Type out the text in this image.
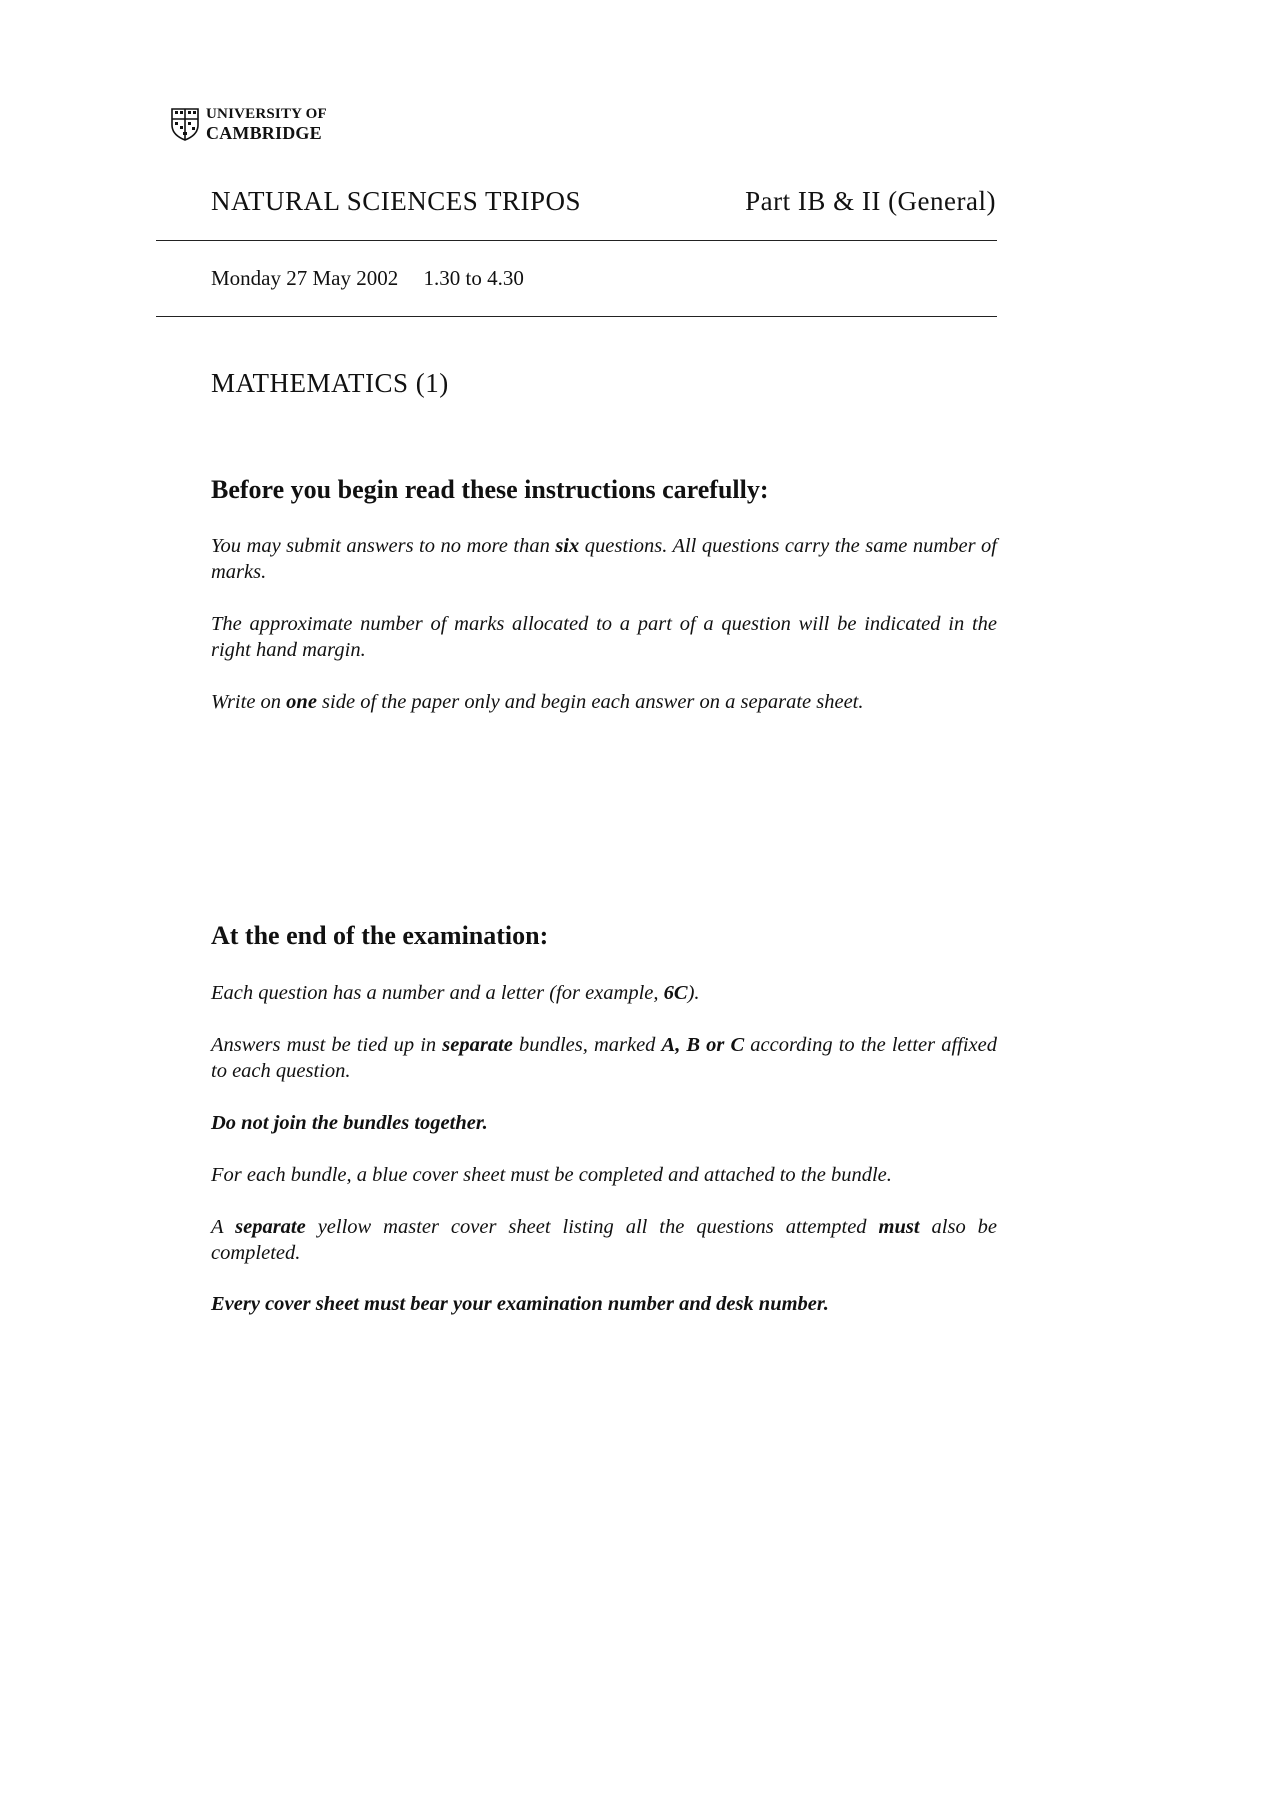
UNIVERSITY OF
CAMBRIDGE
NATURAL SCIENCES TRIPOS	Part IB & II (General)
Monday 27 May 2002 1.30 to 4.30
MATHEMATICS (1)
Before you begin read these instructions carefully:
You may submit answers to no more than six questions. All questions carry the same number of marks.
The approximate number of marks allocated to a part of a question will be indicated in the right hand margin.
Write on one side of the paper only and begin each answer on a separate sheet.
At the end of the examination:
Each question has a number and a letter (for example, 6C).
Answers must be tied up in separate bundles, marked A, B or C according to the letter affixed to each question.
Do not join the bundles together.
For each bundle, a blue cover sheet must be completed and attached to the bundle.
A separate yellow master cover sheet listing all the questions attempted must also be completed.
Every cover sheet must bear your examination number and desk number.
